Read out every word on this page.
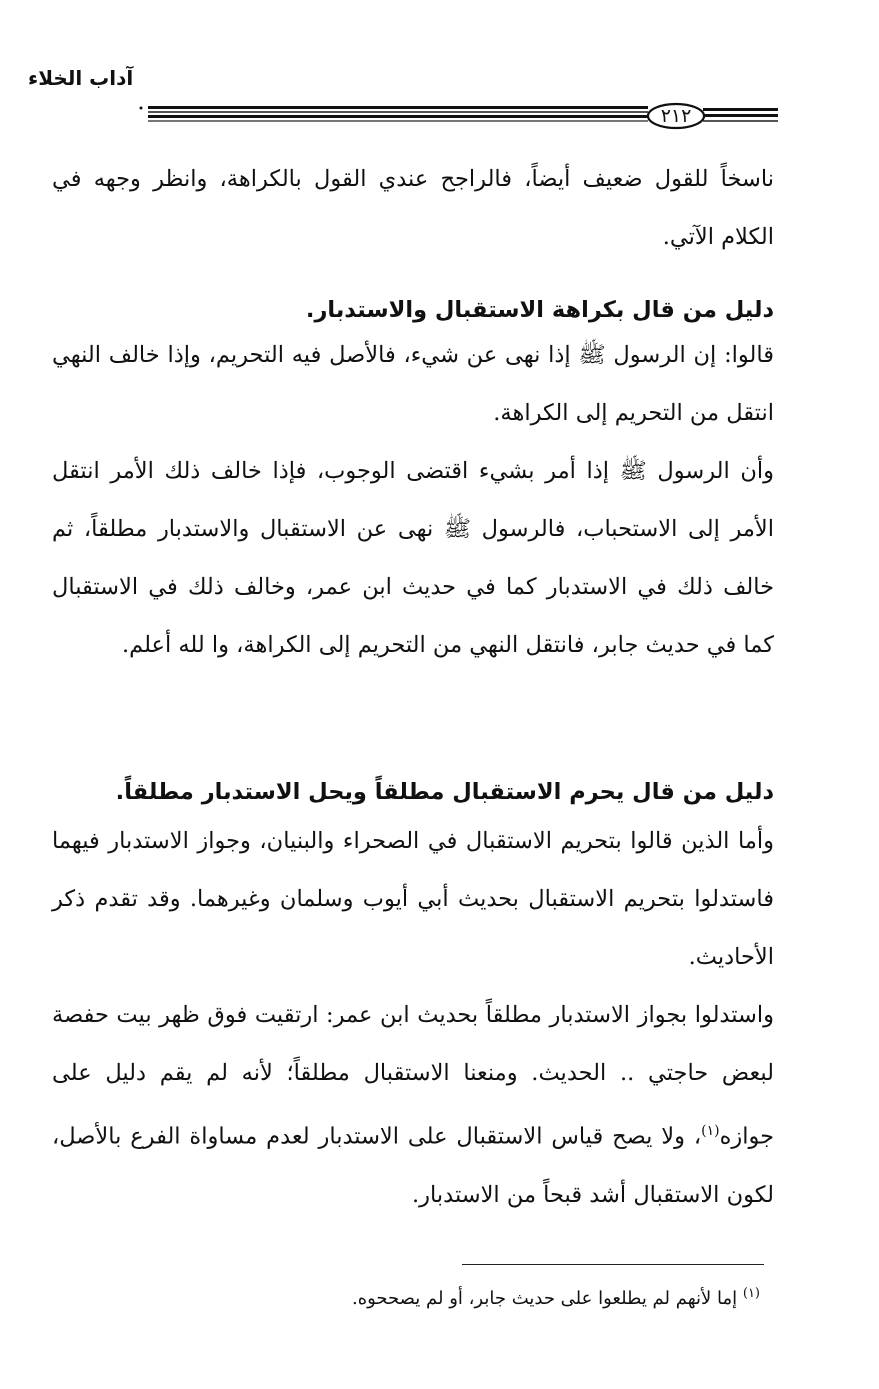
آداب الخلاء
٢١٢

ناسخاً للقول ضعيف أيضاً، فالراجح عندي القول بالكراهة، وانظر وجهه في الكلام الآتي.

دليل من قال بكراهة الاستقبال والاستدبار.

قالوا: إن الرسول ﷺ إذا نهى عن شيء، فالأصل فيه التحريم، وإذا خالف النهي انتقل من التحريم إلى الكراهة.

وأن الرسول ﷺ إذا أمر بشيء اقتضى الوجوب، فإذا خالف ذلك الأمر انتقل الأمر إلى الاستحباب، فالرسول ﷺ نهى عن الاستقبال والاستدبار مطلقاً، ثم خالف ذلك في الاستدبار كما في حديث ابن عمر، وخالف ذلك في الاستقبال كما في حديث جابر، فانتقل النهي من التحريم إلى الكراهة، وا لله أعلم.

دليل من قال يحرم الاستقبال مطلقاً ويحل الاستدبار مطلقاً.

وأما الذين قالوا بتحريم الاستقبال في الصحراء والبنيان، وجواز الاستدبار فيهما فاستدلوا بتحريم الاستقبال بحديث أبي أيوب وسلمان وغيرهما. وقد تقدم ذكر الأحاديث.

واستدلوا بجواز الاستدبار مطلقاً بحديث ابن عمر: ارتقيت فوق ظهر بيت حفصة لبعض حاجتي .. الحديث. ومنعنا الاستقبال مطلقاً؛ لأنه لم يقم دليل على جوازه$^{(١)}$، ولا يصح قياس الاستقبال على الاستدبار لعدم مساواة الفرع بالأصل، لكون الاستقبال أشد قبحاً من الاستدبار.

$^{(١)}$ إما لأنهم لم يطلعوا على حديث جابر، أو لم يصححوه.
